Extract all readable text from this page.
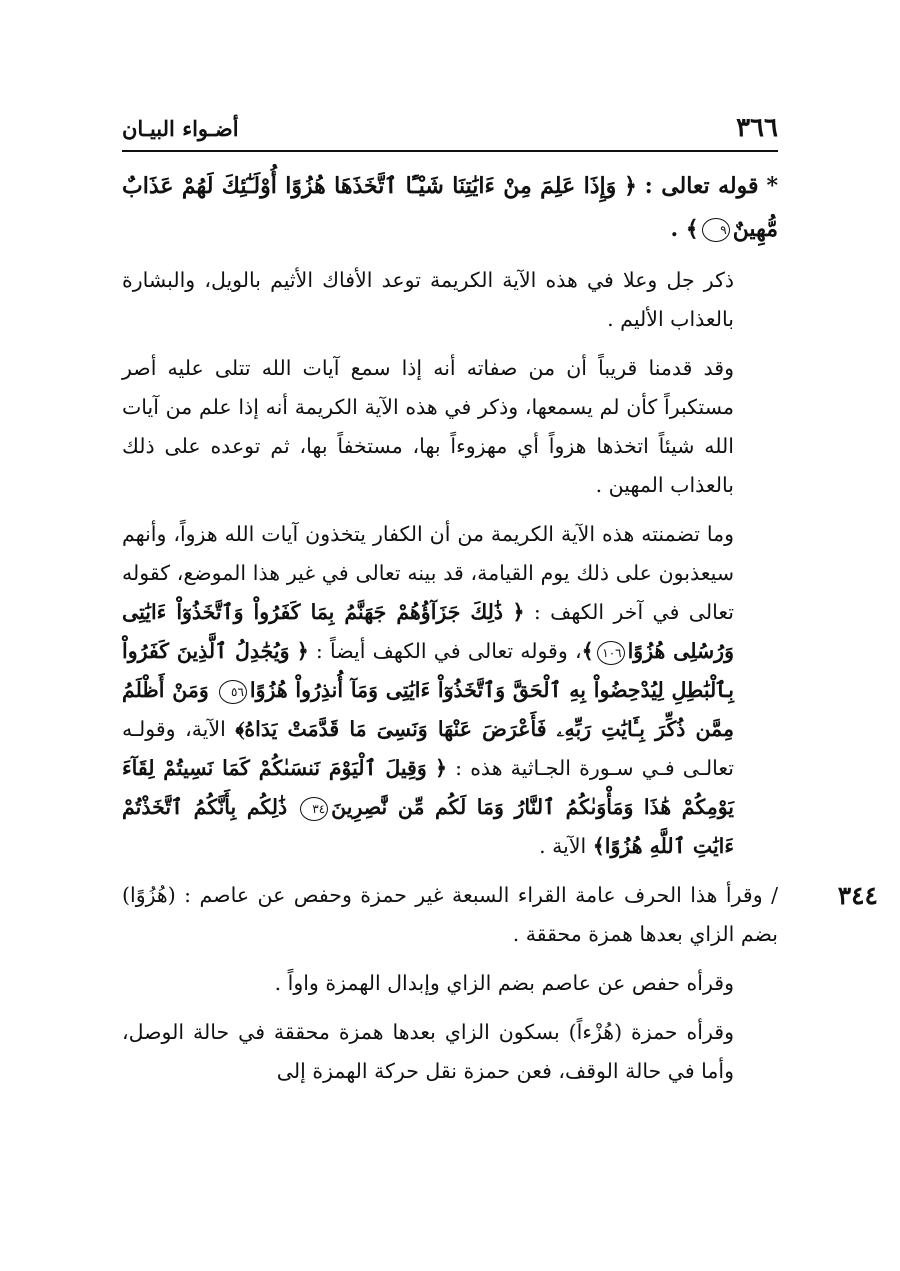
٣٦٦
أضـواء البيـان

*قوله تعالى : ﴿ وَإِذَا عَلِمَ مِنْ ءَايَٰتِنَا شَيْـًٔا ٱتَّخَذَهَا هُزُوًا أُوْلَـٰٓئِكَ لَهُمْ عَذَابٌ مُّهِينٌ٩﴾ .

ذكر جل وعلا في هذه الآية الكريمة توعد الأفاك الأثيم بالويل، والبشارة بالعذاب الأليم .

وقد قدمنا قريباً أن من صفاته أنه إذا سمع آيات الله تتلى عليه أصر مستكبراً كأن لم يسمعها، وذكر في هذه الآية الكريمة أنه إذا علم من آيات الله شيئاً اتخذها هزواً أي مهزوءاً بها، مستخفاً بها، ثم توعده على ذلك بالعذاب المهين .

وما تضمنته هذه الآية الكريمة من أن الكفار يتخذون آيات الله هزواً، وأنهم سيعذبون على ذلك يوم القيامة، قد بينه تعالى في غير هذا الموضع، كقوله تعالى في آخر الكهف : ﴿ ذَٰلِكَ جَزَآؤُهُمْ جَهَنَّمُ بِمَا كَفَرُواْ وَٱتَّخَذُوٓاْ ءَايَٰتِى وَرُسُلِى هُزُوًا١٠٦﴾، وقوله تعالى في الكهف أيضاً : ﴿ وَيُجَٰدِلُ ٱلَّذِينَ كَفَرُواْ بِٱلْبَٰطِلِ لِيُدْحِضُواْ بِهِ ٱلْحَقَّ وَٱتَّخَذُوٓاْ ءَايَٰتِى وَمَآ أُنذِرُواْ هُزُوًا٥٦ وَمَنْ أَظْلَمُ مِمَّن ذُكِّرَ بِـَٔايَٰتِ رَبِّهِۦ فَأَعْرَضَ عَنْهَا وَنَسِىَ مَا قَدَّمَتْ يَدَاهُ﴾ الآية، وقولـه تعالـى فـي سـورة الجـاثية هذه : ﴿ وَقِيلَ ٱلْيَوْمَ نَنسَىٰكُمْ كَمَا نَسِيتُمْ لِقَآءَ يَوْمِكُمْ هَٰذَا وَمَأْوَىٰكُمُ ٱلنَّارُ وَمَا لَكُم مِّن نَّٰصِرِينَ٣٤ ذَٰلِكُم بِأَنَّكُمُ ٱتَّخَذْتُمْ ءَايَٰتِ ٱللَّهِ هُزُوًا﴾ الآية .

٣٤٤

/ وقرأ هذا الحرف عامة القراء السبعة غير حمزة وحفص عن عاصم : (هُزُوًا) بضم الزاي بعدها همزة محققة .

وقرأه حفص عن عاصم بضم الزاي وإبدال الهمزة واواً .

وقرأه حمزة (هُزْءاً) بسكون الزاي بعدها همزة محققة في حالة الوصل، وأما في حالة الوقف، فعن حمزة نقل حركة الهمزة إلى
